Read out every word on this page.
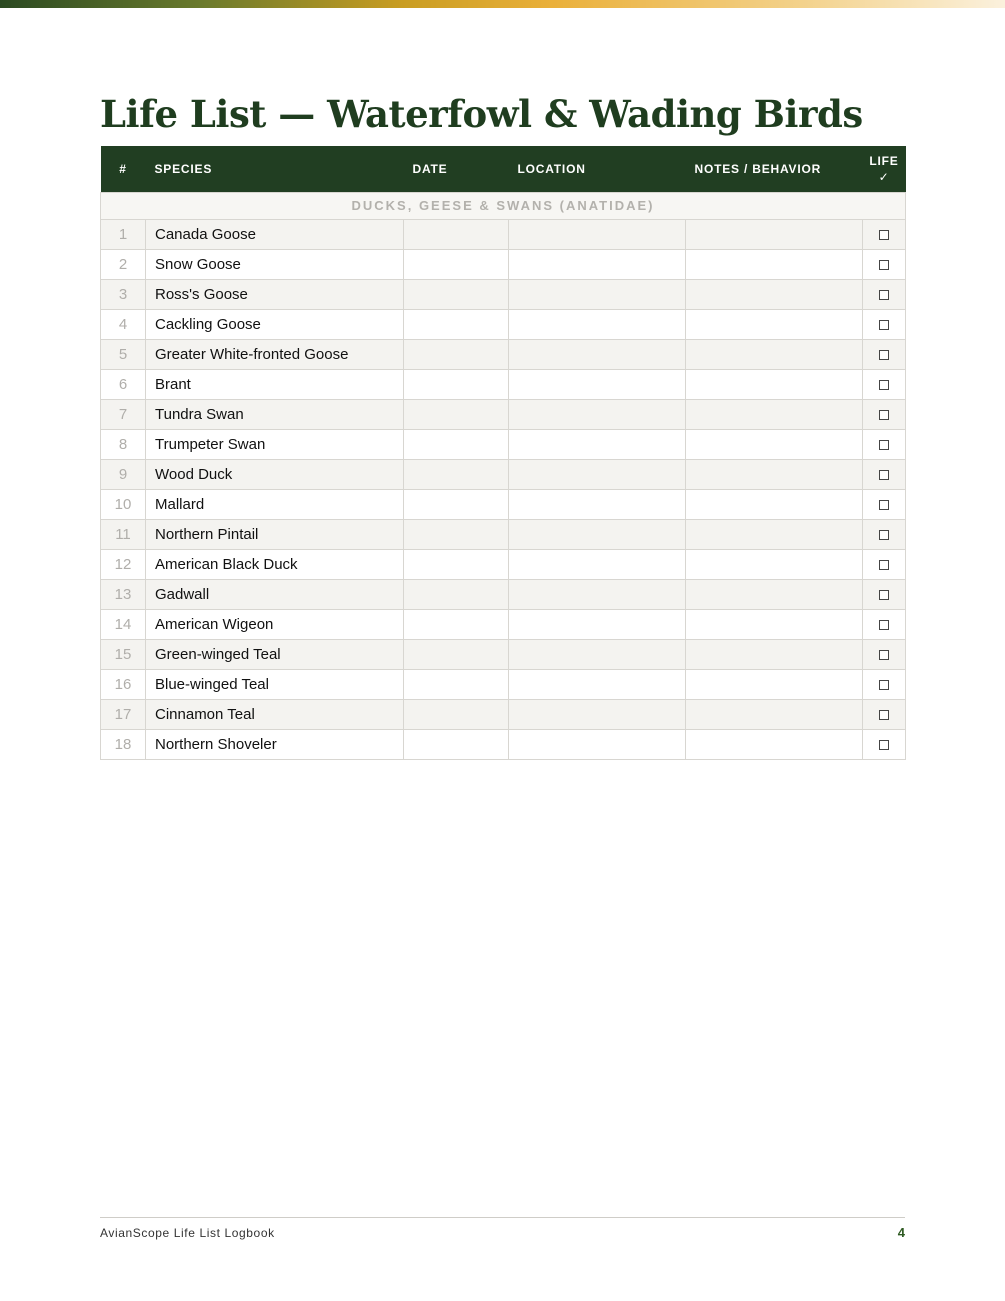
Life List — Waterfowl & Wading Birds
#	SPECIES	DATE	LOCATION	NOTES / BEHAVIOR	LIFE
✓
DUCKS, GEESE & SWANS (ANATIDAE)					
1	Canada Goose				
2	Snow Goose				
3	Ross's Goose				
4	Cackling Goose				
5	Greater White-fronted Goose				
6	Brant				
7	Tundra Swan				
8	Trumpeter Swan				
9	Wood Duck				
10	Mallard				
11	Northern Pintail				
12	American Black Duck				
13	Gadwall				
14	American Wigeon				
15	Green-winged Teal				
16	Blue-winged Teal				
17	Cinnamon Teal				
18	Northern Shoveler				
AvianScope Life List Logbook	4
